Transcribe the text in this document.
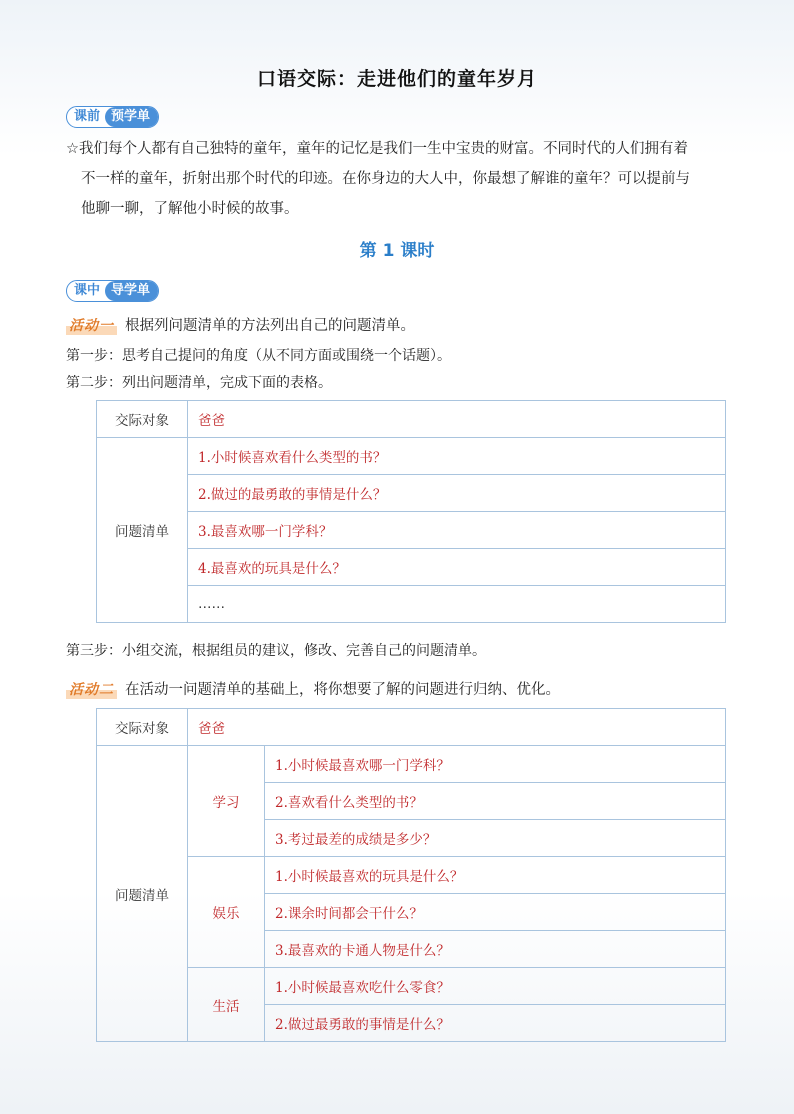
口语交际：走进他们的童年岁月
课前 预学单

☆我们每个人都有自己独特的童年，童年的记忆是我们一生中宝贵的财富。不同时代的人们拥有着

不一样的童年，折射出那个时代的印迹。在你身边的大人中，你最想了解谁的童年？可以提前与

他聊一聊，了解他小时候的故事。

第 1 课时
课中 导学单
活动一 根据列问题清单的方法列出自己的问题清单。
第一步：思考自己提问的角度（从不同方面或围绕一个话题）。
第二步：列出问题清单，完成下面的表格。
交际对象	爸爸
问题清单	1.小时候喜欢看什么类型的书？
	2.做过的最勇敢的事情是什么？
	3.最喜欢哪一门学科？
	4.最喜欢的玩具是什么？
	……
第三步：小组交流，根据组员的建议，修改、完善自己的问题清单。
活动二 在活动一问题清单的基础上，将你想要了解的问题进行归纳、优化。
交际对象	爸爸	
问题清单	学习	1.小时候最喜欢哪一门学科？
		2.喜欢看什么类型的书？
		3.考过最差的成绩是多少？
	娱乐	1.小时候最喜欢的玩具是什么？
		2.课余时间都会干什么？
		3.最喜欢的卡通人物是什么？
	生活	1.小时候最喜欢吃什么零食？
		2.做过最勇敢的事情是什么？
